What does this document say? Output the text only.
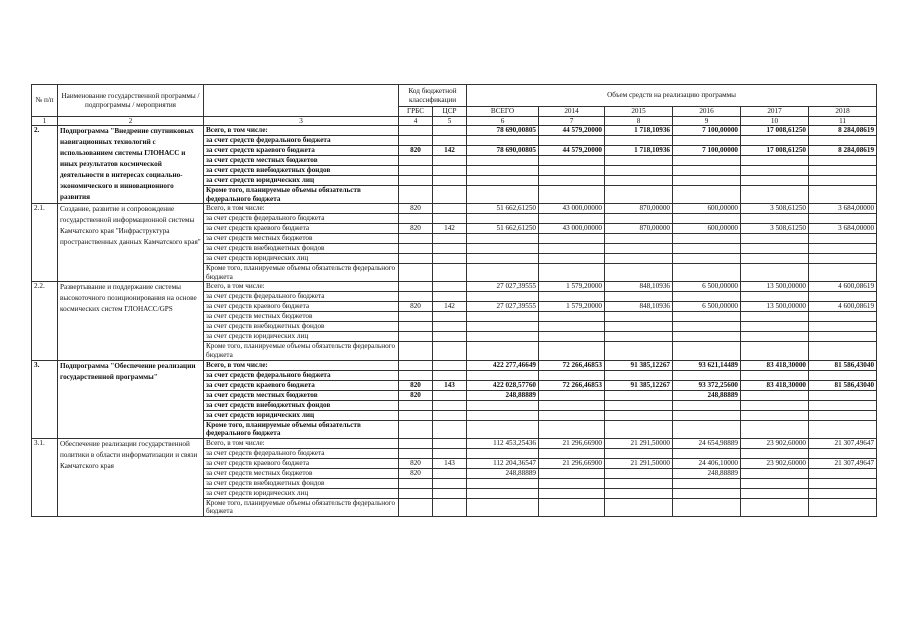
№ п/п	Наименование государственной программы / подпрограммы / мероприятия		Код бюджетной классификации		Объем средств на реализацию программы					
			ГРБС	ЦСР	ВСЕГО	2014	2015	2016	2017	2018
1	2	3	4	5	6	7	8	9	10	11
2.	Подпрограмма "Внедрение спутниковых навигационных технологий с использованием системы ГЛОНАСС и иных результатов космической деятельности в интересах социально-экономического и инновационного развития	Всего, в том числе:			78 690,00805	44 579,20000	1 718,10936	7 100,00000	17 008,61250	8 284,08619
		за счет средств федерального бюджета								
		за счет средств краевого бюджета	820	142	78 690,00805	44 579,20000	1 718,10936	7 100,00000	17 008,61250	8 284,08619
		за счет средств местных бюджетов								
		за счет средств внебюджетных фондов								
		за счет средств юридических лиц								
		Кроме того, планируемые объемы обязательств федерального бюджета								
2.1.	Создание, развитие и сопровождение государственной информационной системы Камчатского края "Инфраструктура пространственных данных Камчатского края"	Всего, в том числе:	820		51 662,61250	43 000,00000	870,00000	600,00000	3 508,61250	3 684,00000
		за счет средств федерального бюджета								
		за счет средств краевого бюджета	820	142	51 662,61250	43 000,00000	870,00000	600,00000	3 508,61250	3 684,00000
		за счет средств местных бюджетов								
		за счет средств внебюджетных фондов								
		за счет средств юридических лиц								
		Кроме того, планируемые объемы обязательств федерального бюджета								
2.2.	Развертывание и поддержание системы высокоточного позиционирования на основе космических систем ГЛОНАСС/GPS	Всего, в том числе:			27 027,39555	1 579,20000	848,10936	6 500,00000	13 500,00000	4 600,08619
		за счет средств федерального бюджета								
		за счет средств краевого бюджета	820	142	27 027,39555	1 579,20000	848,10936	6 500,00000	13 500,00000	4 600,08619
		за счет средств местных бюджетов								
		за счет средств внебюджетных фондов								
		за счет средств юридических лиц								
		Кроме того, планируемые объемы обязательств федерального бюджета								
3.	Подпрограмма "Обеспечение реализации государственной программы"	Всего, в том числе:			422 277,46649	72 266,46853	91 385,12267	93 621,14489	83 418,30000	81 586,43040
		за счет средств федерального бюджета								
		за счет средств краевого бюджета	820	143	422 028,57760	72 266,46853	91 385,12267	93 372,25600	83 418,30000	81 586,43040
		за счет средств местных бюджетов	820		248,88889			248,88889		
		за счет средств внебюджетных фондов								
		за счет средств юридических лиц								
		Кроме того, планируемые объемы обязательств федерального бюджета								
3.1.	Обеспечение реализации государственной политики в области информатизации и связи Камчатского края	Всего, в том числе:			112 453,25436	21 296,66900	21 291,50000	24 654,98889	23 902,60000	21 307,49647
		за счет средств федерального бюджета								
		за счет средств краевого бюджета	820	143	112 204,36547	21 296,66900	21 291,50000	24 406,10000	23 902,60000	21 307,49647
		за счет средств местных бюджетов	820		248,88889			248,88889		
		за счет средств внебюджетных фондов								
		за счет средств юридических лиц								
		Кроме того, планируемые объемы обязательств федерального бюджета								
